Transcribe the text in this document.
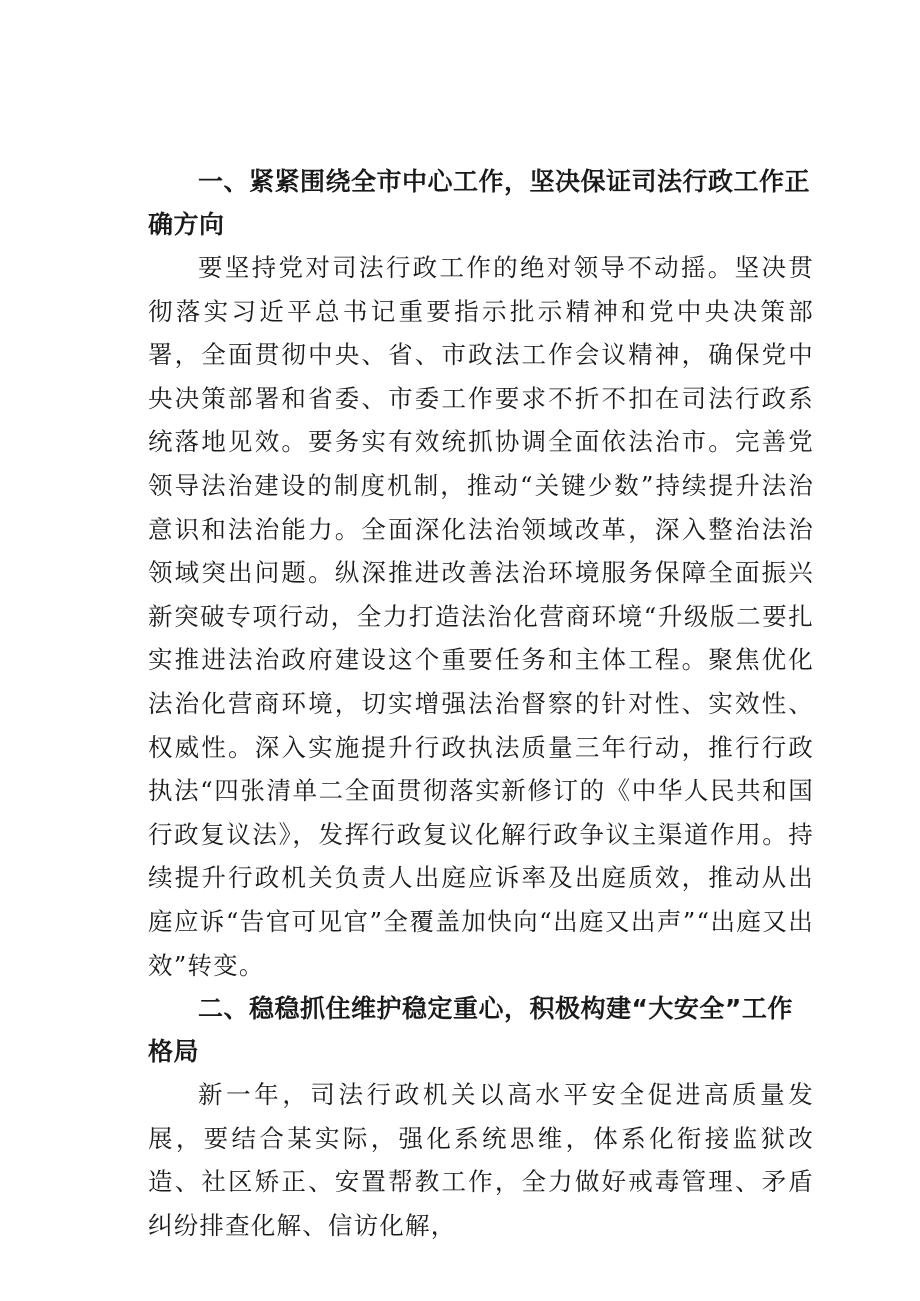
一、紧紧围绕全市中心工作，坚决保证司法行政工作正确方向

要坚持党对司法行政工作的绝对领导不动摇。坚决贯彻落实习近平总书记重要指示批示精神和党中央决策部署，全面贯彻中央、省、市政法工作会议精神，确保党中央决策部署和省委、市委工作要求不折不扣在司法行政系统落地见效。要务实有效统抓协调全面依法治市。完善党领导法治建设的制度机制，推动“关键少数”持续提升法治意识和法治能力。全面深化法治领域改革，深入整治法治领域突出问题。纵深推进改善法治环境服务保障全面振兴新突破专项行动，全力打造法治化营商环境“升级版二要扎实推进法治政府建设这个重要任务和主体工程。聚焦优化法治化营商环境，切实增强法治督察的针对性、实效性、权威性。深入实施提升行政执法质量三年行动，推行行政执法“四张清单二全面贯彻落实新修订的《中华人民共和国行政复议法》，发挥行政复议化解行政争议主渠道作用。持续提升行政机关负责人出庭应诉率及出庭质效，推动从出庭应诉“告官可见官”全覆盖加快向“出庭又出声”“出庭又出效”转变。

二、稳稳抓住维护稳定重心，积极构建“大安全”工作格局

新一年，司法行政机关以高水平安全促进高质量发展，要结合某实际，强化系统思维，体系化衔接监狱改造、社区矫正、安置帮教工作，全力做好戒毒管理、矛盾纠纷排查化解、信访化解，
